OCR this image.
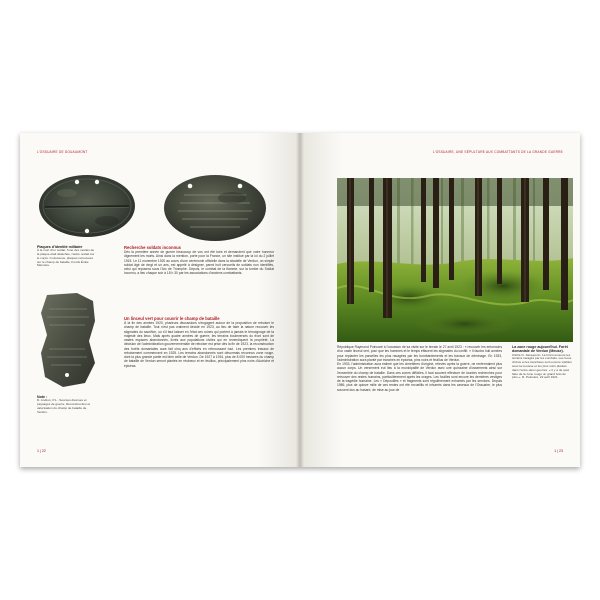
L'OSSUAIRE DE DOUAUMONT
Plaques d'identité militaire
À la mort d'un soldat, l'une des moitiés de la plaque était détachée, l'autre restait sur le corps. Ci-dessous, plaques retrouvées sur le champ de bataille, Fonds Émile Mémoire.
Note :
D. Andron, P.L., Sources diverses et paysages de guerre. Reconstruction et valorisation du champ de bataille de Verdun.
Recherche soldats inconnus
Dès la première année de guerre beaucoup de vos ont été tués et demandent que votre honneur dignement les morts. Ainsi dans la mention, porte pour la France, un site institué par la loi du 2 juillet 1915. Le 11 novembre 1920 au cours d'une cérémonie officielle dans la citadelle de Verdun, un simple soldat âgé de vingt et un ans, est appelé à désigner, parmi huit cercueils de soldats non identifiés, celui qui reposera sous l'Arc de Triomphe. Depuis, le combat de la flamme, sur la tombe du Soldat inconnu, a lieu chaque soir à 18 h 30 par les associations d'anciens combattants.
Un linceul vert pour couvrir le champ de bataille
À la fin des années 1920, plusieurs discussions s'engagent autour de la proposition de reboiser le champ de bataille. Tout n'est pas vraiment décidé en 1923, au lieu de faire la nature recouvrir les stigmates du sacrifice, ou s'il faut laisser en l'état ces ruines qui portent à jamais le témoignage de la majesté des lieux. Mais après quatre années de guerre, les terrains bouleversés du front sont de vastes espaces abandonnés, livrés aux populations civiles qui en revendiquent la propriété. La décision de l'administration gouvernementale de reboiser est prise dès la fin de 1923, la reconstruction des forêts domaniales aura fait cinq ans d'efforts en rebroussant tout. Les premiers travaux de reboisement commencent en 1925. Les terrains abandonnés sont désormais reconnus zone rouge, dont la plus grande partie est bien celle de Verdun. De 1927 à 1934, plus de 8 000 hectares du champ de bataille de Verdun seront plantés en résineux et en feuillus, principalement pins noirs d'Autriche et épicéas.
1 | 22
L'OSSUAIRE, UNE SÉPULTURE AUX COMBATTANTS DE LA GRANDE GUERRE
La zone rouge aujourd'hui. Forêt domaniale de Verdun (Meuse).
Cliché D. Jacquemin. La forêt recouvre les terrains ravagés par les combats. Les trous d'obus et les tranchées sont encore visibles sous la mousse et les pins noirs plantés dans l'entre-deux-guerres. « Il y a de quoi faire de la zone rouge un grand bois de pins », R. Poincaré, 22 avril 1921.
République Raymond Poincaré à l'occasion de sa visite sur le terrain le 27 avril 1923 : « recouvrir les entonnoirs d'un vaste linceul vert, pour que les hommes et le temps effacent les stigmates du conflit. » Il faudra huit années pour replanter les parcelles les plus ravagées par les bombardements et les travaux de déminage. En 1933, l'administration aura planté par tranches en épicéas, pins noirs et feuillus de Verdun.
En 1933, l'administration aura estimé que les cimetières d'origine, relevés après la guerre, ne renfermaient plus aucun corps. Un versement eut lieu à la municipalité de Verdun avec une quinzaine d'ossements ainsi sur l'ensemble du champ de bataille. Dans ces zones difficiles, il faut souvent effectuer de lourdes recherches pour retrouver des restes humains, particulièrement après les orages. Les fouilles sont encore les dernières vestiges de la tragédie humaine. Les « Dépouilles » et fragments sont régulièrement exhumés par les services. Depuis 1986, plus de quinze mille de ces restes ont été recueillis et inhumés dans les caveaux de l'Ossuaire, le plus souvent dus au hasard, de mise au jour de
1 | 23
